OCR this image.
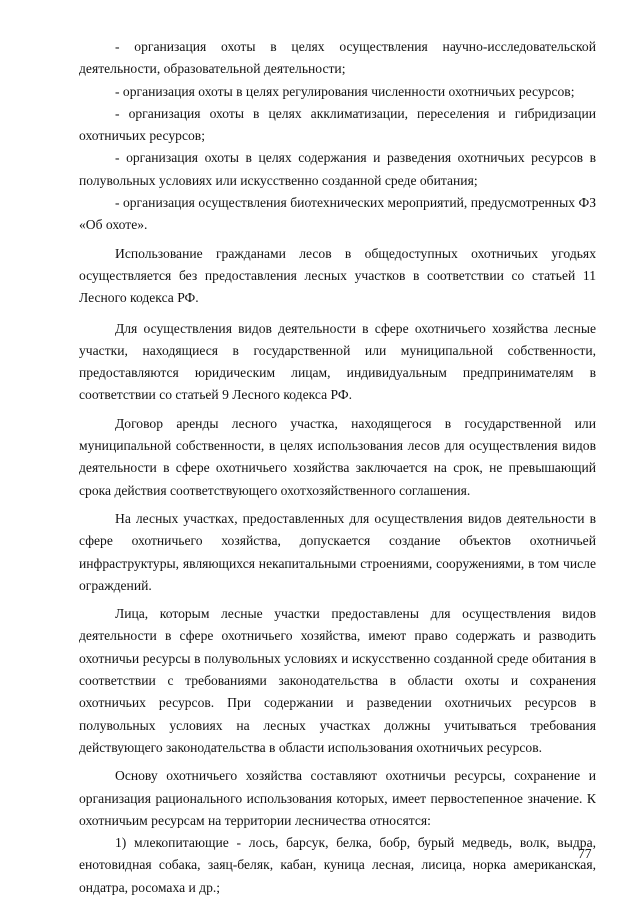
- организация охоты в целях осуществления научно-исследовательской деятельности, образовательной деятельности;

- организация охоты в целях регулирования численности охотничьих ресурсов;

- организация охоты в целях акклиматизации, переселения и гибридизации охотничьих ресурсов;

- организация охоты в целях содержания и разведения охотничьих ресурсов в полувольных условиях или искусственно созданной среде обитания;

- организация осуществления биотехнических мероприятий, предусмотренных ФЗ «Об охоте».

Использование гражданами лесов в общедоступных охотничьих угодьях осуществляется без предоставления лесных участков в соответствии со статьей 11 Лесного кодекса РФ.

Для осуществления видов деятельности в сфере охотничьего хозяйства лесные участки, находящиеся в государственной или муниципальной собственности, предоставляются юридическим лицам, индивидуальным предпринимателям в соответствии со статьей 9 Лесного кодекса РФ.

Договор аренды лесного участка, находящегося в государственной или муниципальной собственности, в целях использования лесов для осуществления видов деятельности в сфере охотничьего хозяйства заключается на срок, не превышающий срока действия соответствующего охотхозяйственного соглашения.

На лесных участках, предоставленных для осуществления видов деятельности в сфере охотничьего хозяйства, допускается создание объектов охотничьей инфраструктуры, являющихся некапитальными строениями, сооружениями, в том числе ограждений.

Лица, которым лесные участки предоставлены для осуществления видов деятельности в сфере охотничьего хозяйства, имеют право содержать и разводить охотничьи ресурсы в полувольных условиях и искусственно созданной среде обитания в соответствии с требованиями законодательства в области охоты и сохранения охотничьих ресурсов. При содержании и разведении охотничьих ресурсов в полувольных условиях на лесных участках должны учитываться требования действующего законодательства в области использования охотничьих ресурсов.

Основу охотничьего хозяйства составляют охотничьи ресурсы, сохранение и организация рационального использования которых, имеет первостепенное значение. К охотничьим ресурсам на территории лесничества относятся:

1) млекопитающие - лось, барсук, белка, бобр, бурый медведь, волк, выдра, енотовидная собака, заяц-беляк, кабан, куница лесная, лисица, норка американская, ондатра, росомаха и др.;

77
